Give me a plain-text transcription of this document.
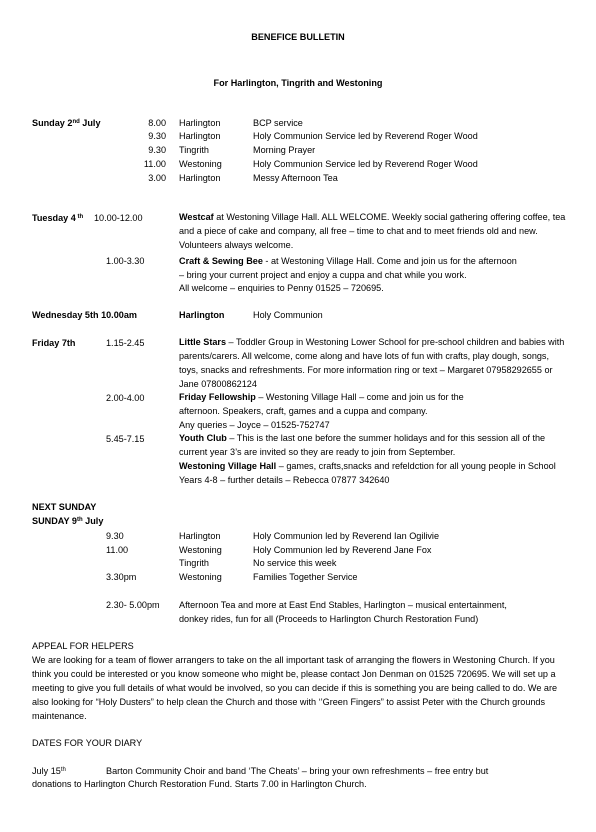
BENEFICE BULLETIN
For Harlington, Tingrith and Westoning
Sunday 2nd July	8.00 Harlington	BCP service
9.30 Harlington	Holy Communion Service led by Reverend Roger Wood
9.30 Tingrith	Morning Prayer
11.00 Westoning	Holy Communion Service led by Reverend Roger Wood
3.00 Harlington	Messy Afternoon Tea
Tuesday 4 $^{th}$ 10.00-12.00	Westcaf at Westoning Village Hall. ALL WELCOME. Weekly social gathering offering coffee, tea and a piece of cake and company, all free – time to chat and to meet friends old and new. Volunteers always welcome.
1.00-3.30	Craft & Sewing Bee - at Westoning Village Hall. Come and join us for the afternoon
– bring your current project and enjoy a cuppa and chat while you work.
All welcome – enquiries to Penny 01525 – 720695.
Wednesday 5th 10.00am	Harlington	Holy Communion
Friday 7th	1.15-2.45	Little Stars – Toddler Group in Westoning Lower School for pre-school children and babies with parents/carers. All welcome, come along and have lots of fun with crafts, play dough, songs, toys, snacks and refreshments. For more information ring or text – Margaret 07958292655 or Jane 07800862124
2.00-4.00	Friday Fellowship – Westoning Village Hall – come and join us for the afternoon. Speakers, craft, games and a cuppa and company.
Any queries – Joyce – 01525-752747
5.45-7.15	Youth Club – This is the last one before the summer holidays and for this session all of the current year 3’s are invited so they are ready to join from September.
Westoning Village Hall – games, crafts,snacks and refeldction for all young people in School Years 4-8 – further details – Rebecca 07877 342640
NEXT SUNDAY
SUNDAY 9th July
9.30	Harlington	Holy Communion led by Reverend Ian Ogilivie
11.00	Westoning	Holy Communion led by Reverend Jane Fox
Tingrith	No service this week
3.30pm	Westoning	Families Together Service
2.30- 5.00pm Afternoon Tea and more at East End Stables, Harlington – musical entertainment,
donkey rides, fun for all (Proceeds to Harlington Church Restoration Fund)
APPEAL FOR HELPERS
We are looking for a team of flower arrangers to take on the all important task of arranging the flowers in Westoning Church. If you think you could be interested or you know someone who might be, please contact Jon Denman on 01525 720695. We will set up a meeting to give you full details of what would be involved, so you can decide if this is something you are being called to do. We are also looking for “Holy Dusters” to help clean the Church and those with ‘’Green Fingers” to assist Peter with the Church grounds maintenance.
DATES FOR YOUR DIARY
July 15th	Barton Community Choir and band ‘The Cheats’ – bring your own refreshments – free entry but
donations to Harlington Church Restoration Fund. Starts 7.00 in Harlington Church.
